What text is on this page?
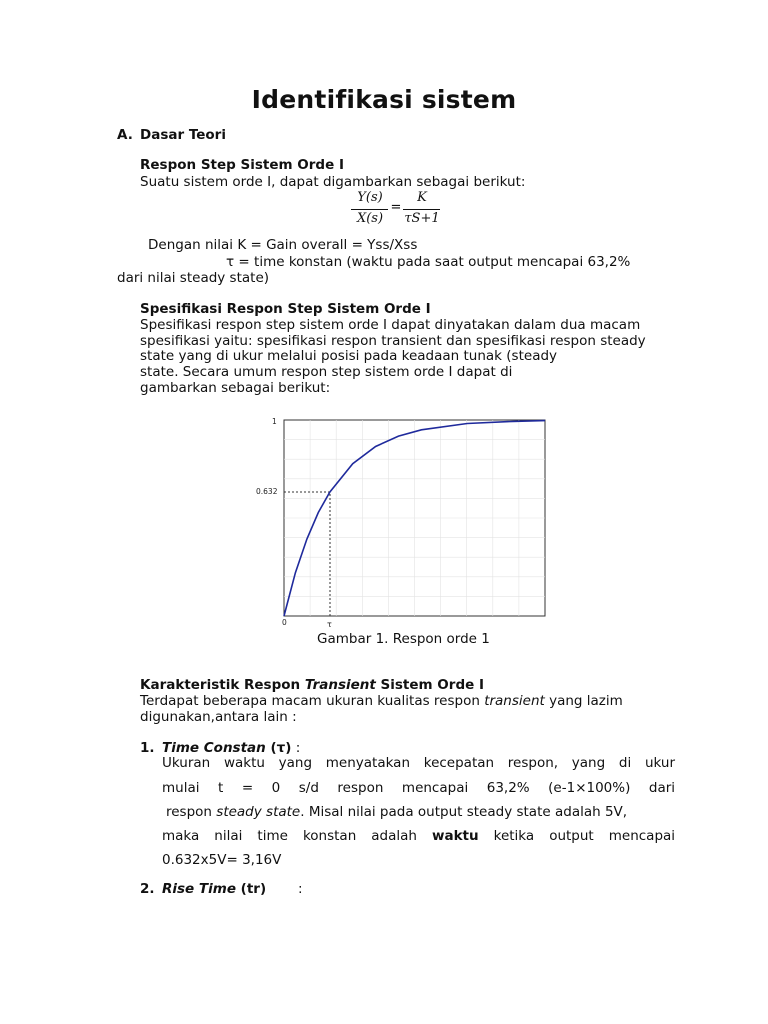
Identifikasi sistem
A. Dasar Teori
Respon Step Sistem Orde I
Suatu sistem orde I, dapat digambarkan sebagai berikut:
Y(s)
X(s)
=
K
τS+1
Dengan nilai K = Gain overall = Yss/Xss
τ = time konstan (waktu pada saat output mencapai 63,2%
dari nilai steady state)
Spesifikasi Respon Step Sistem Orde I
Spesifikasi respon step sistem orde I dapat dinyatakan dalam dua macam
spesifikasi yaitu: spesifikasi respon transient dan spesifikasi respon steady
state yang di ukur melalui posisi pada keadaan tunak (steady
state. Secara umum respon step sistem orde I dapat di
gambarkan sebagai berikut:
1
0.632
0	τ
Gambar 1. Respon orde 1
Karakteristik Respon Transient Sistem Orde I
Terdapat beberapa macam ukuran kualitas respon transient yang lazim
digunakan,antara lain :
1. Time Constan (τ) :
Ukuran waktu yang menyatakan kecepatan respon, yang di ukur
mulai t = 0 s/d respon mencapai 63,2% (e-1×100%) dari
respon steady state. Misal nilai pada output steady state adalah 5V,
maka nilai time konstan adalah waktu ketika output mencapai
0.632x5V= 3,16V
2. Rise Time (tr) :
